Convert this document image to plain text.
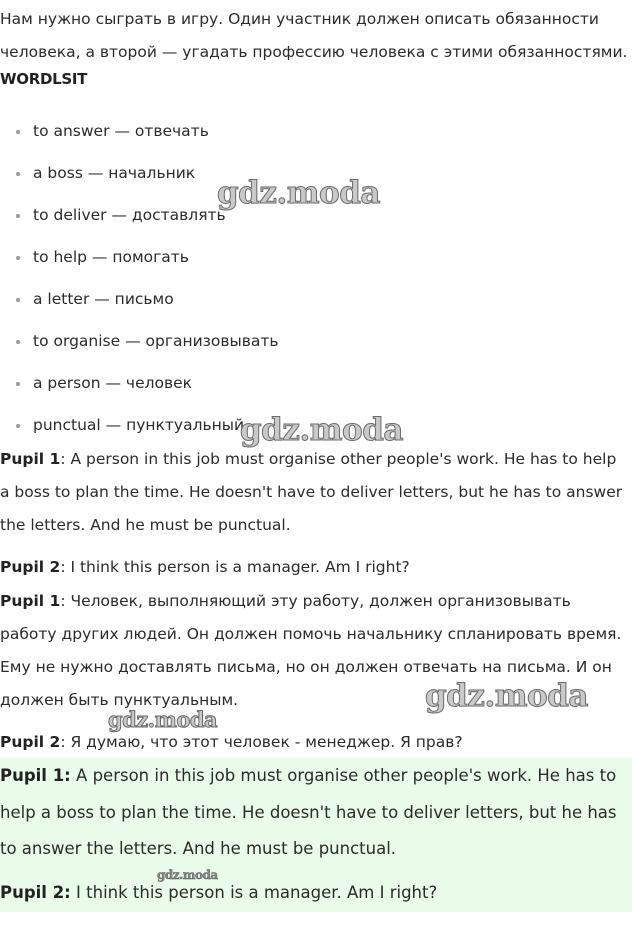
Нам нужно сыграть в игру. Один участник должен описать обязанности человека, а второй — угадать профессию человека с этими обязанностями.
WORDLSIT
to answer — отвечать
a boss — начальник
to deliver — доставлять
to help — помогать
a letter — письмо
to organise — организовывать
a person — человек
punctual — пунктуальный
Pupil 1: A person in this job must organise other people's work. He has to help a boss to plan the time. He doesn't have to deliver letters, but he has to answer the letters. And he must be punctual.
Pupil 2: I think this person is a manager. Am I right?
Pupil 1: Человек, выполняющий эту работу, должен организовывать работу других людей. Он должен помочь начальнику спланировать время. Ему не нужно доставлять письма, но он должен отвечать на письма. И он должен быть пунктуальным.
Pupil 2: Я думаю, что этот человек - менеджер. Я прав?
Pupil 1: A person in this job must organise other people's work. He has to help a boss to plan the time. He doesn't have to deliver letters, but he has to answer the letters. And he must be punctual.
Pupil 2: I think this person is a manager. Am I right?
gdz.moda
gdz.moda
gdz.moda
gdz.moda
gdz.moda
